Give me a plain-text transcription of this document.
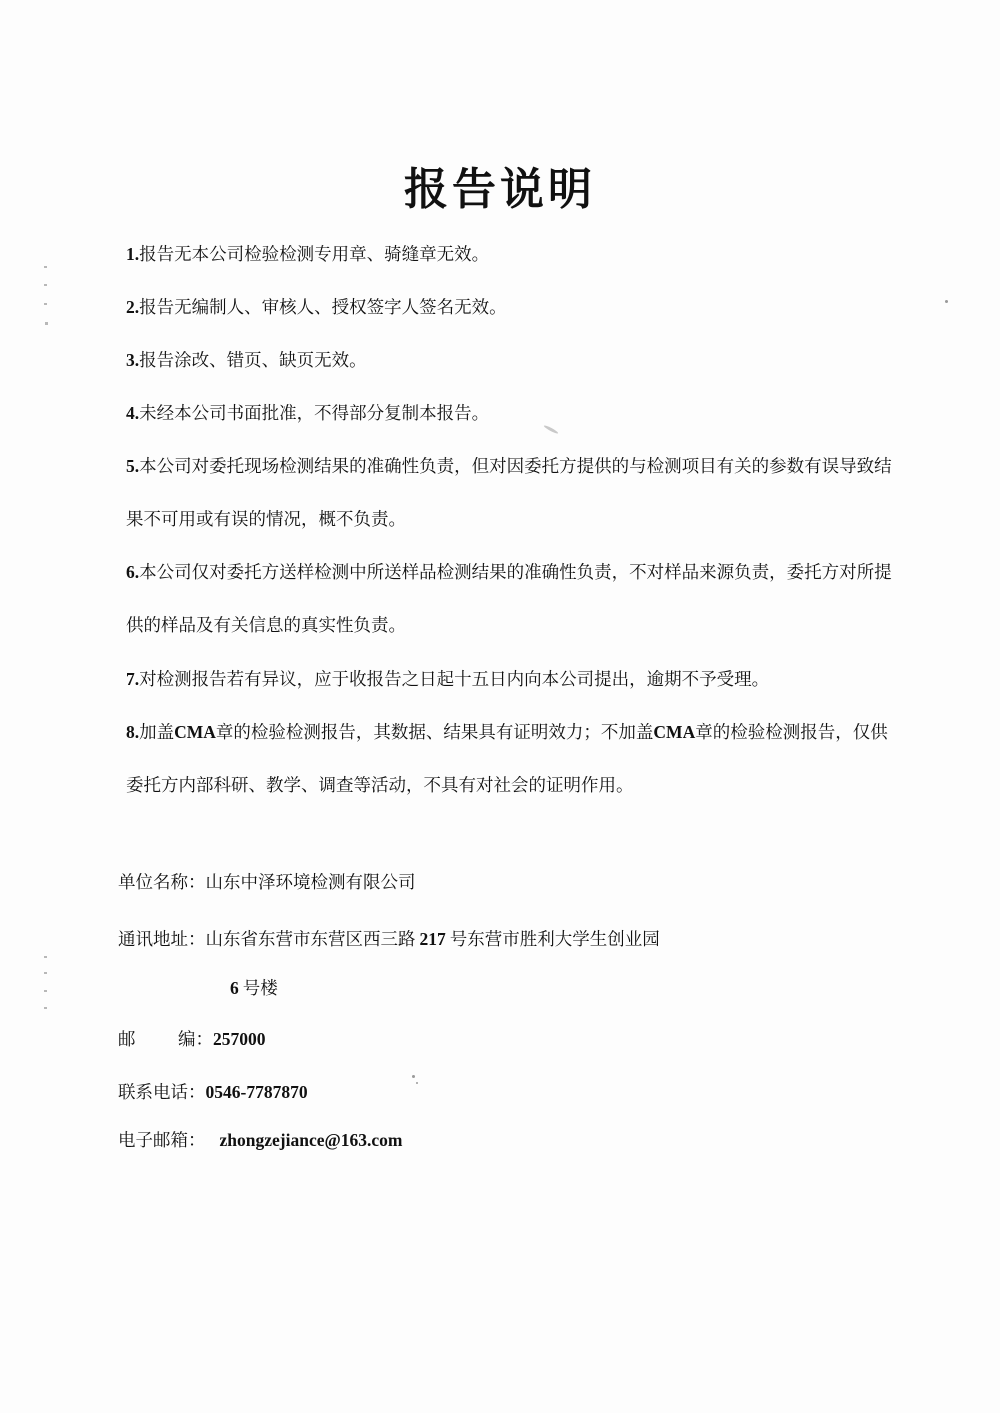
报告说明

1.报告无本公司检验检测专用章、骑缝章无效。

2.报告无编制人、审核人、授权签字人签名无效。

3.报告涂改、错页、缺页无效。

4.未经本公司书面批准，不得部分复制本报告。

5.本公司对委托现场检测结果的准确性负责，但对因委托方提供的与检测项目有关的参数有误导致结果不可用或有误的情况，概不负责。

6.本公司仅对委托方送样检测中所送样品检测结果的准确性负责，不对样品来源负责，委托方对所提供的样品及有关信息的真实性负责。

7.对检测报告若有异议，应于收报告之日起十五日内向本公司提出，逾期不予受理。

8.加盖CMA章的检验检测报告，其数据、结果具有证明效力；不加盖CMA章的检验检测报告，仅供委托方内部科研、教学、调查等活动，不具有对社会的证明作用。

单位名称：山东中泽环境检测有限公司
通讯地址：山东省东营市东营区西三路 217 号东营市胜利大学生创业园
6 号楼
邮 编：257000
联系电话：0546-7787870
电子邮箱： zhongzejiance@163.com
